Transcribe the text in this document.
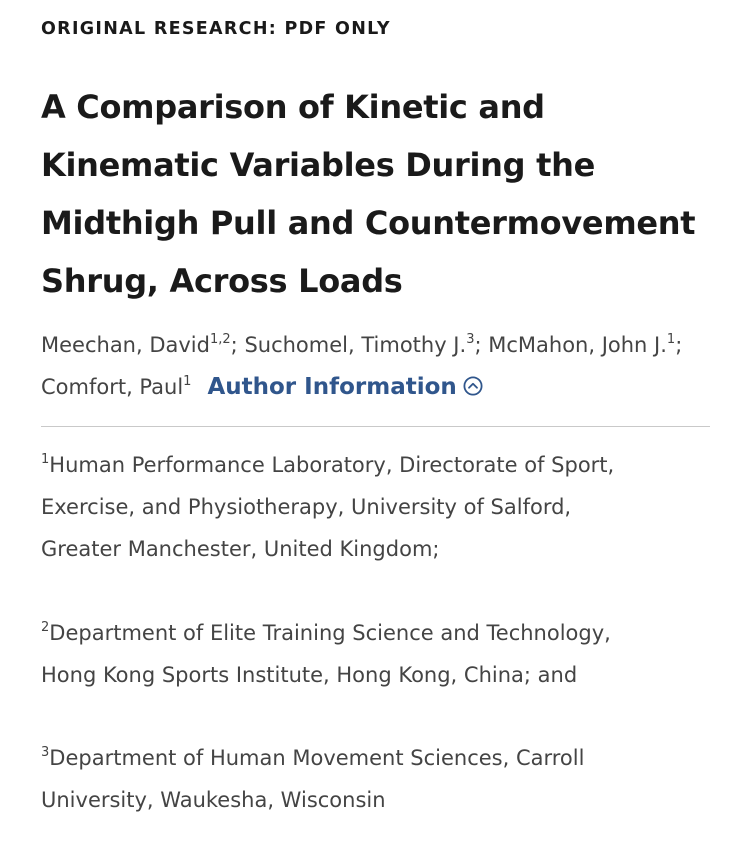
ORIGINAL RESEARCH: PDF ONLY
A Comparison of Kinetic and
Kinematic Variables During the
Midthigh Pull and Countermovement
Shrug, Across Loads
Meechan, David$^{1,2}$; Suchomel, Timothy J.$^3$; McMahon, John J.$^1$; Comfort, Paul$^1$ Author Information
$^1$Human Performance Laboratory, Directorate of Sport,
Exercise, and Physiotherapy, University of Salford,
Greater Manchester, United Kingdom;
$^2$Department of Elite Training Science and Technology,
Hong Kong Sports Institute, Hong Kong, China; and
$^3$Department of Human Movement Sciences, Carroll
University, Waukesha, Wisconsin
